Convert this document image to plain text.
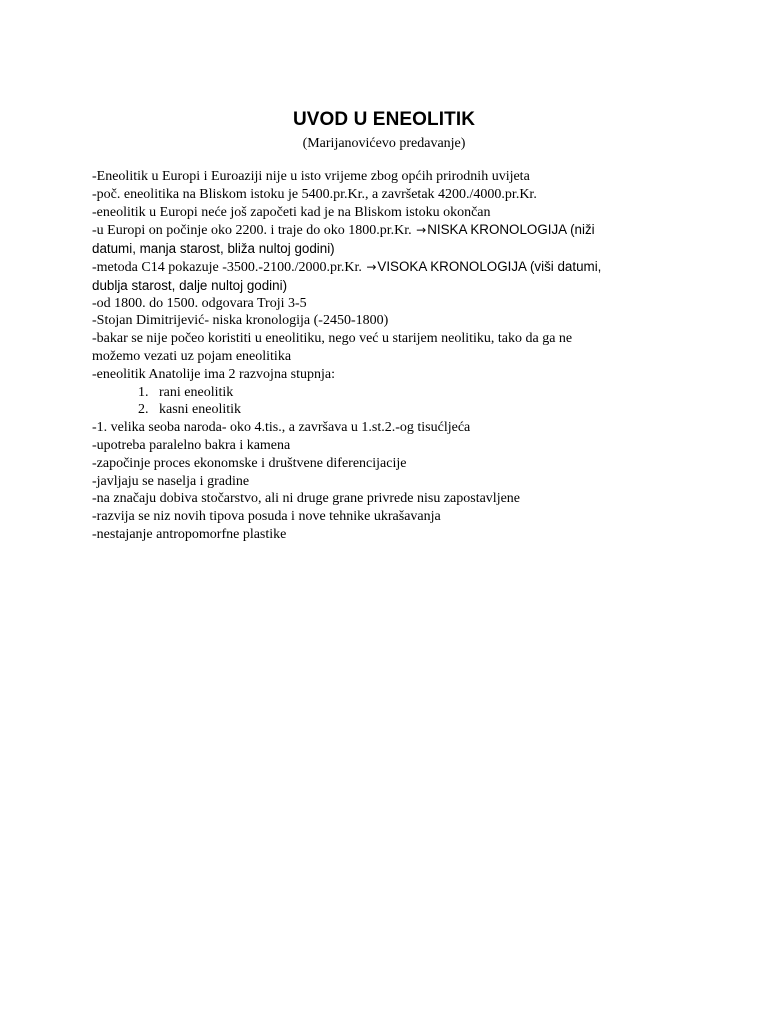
UVOD U ENEOLITIK
(Marijanovićevo predavanje)
-Eneolitik u Europi i Euroaziji nije u isto vrijeme zbog općih prirodnih uvijeta
-poč. eneolitika na Bliskom istoku je 5400.pr.Kr., a završetak 4200./4000.pr.Kr.
-eneolitik u Europi neće još započeti kad je na Bliskom istoku okončan
-u Europi on počinje oko 2200. i traje do oko 1800.pr.Kr. →NISKA KRONOLOGIJA (niži
datumi, manja starost, bliža nultoj godini)
-metoda C14 pokazuje -3500.-2100./2000.pr.Kr. →VISOKA KRONOLOGIJA (viši datumi,
dublja starost, dalje nultoj godini)
-od 1800. do 1500. odgovara Troji 3-5
-Stojan Dimitrijević- niska kronologija (-2450-1800)
-bakar se nije počeo koristiti u eneolitiku, nego već u starijem neolitiku, tako da ga ne
možemo vezati uz pojam eneolitika
-eneolitik Anatolije ima 2 razvojna stupnja:
1. rani eneolitik
2. kasni eneolitik
-1. velika seoba naroda- oko 4.tis., a završava u 1.st.2.-og tisućljeća
-upotreba paralelno bakra i kamena
-započinje proces ekonomske i društvene diferencijacije
-javljaju se naselja i gradine
-na značaju dobiva stočarstvo, ali ni druge grane privrede nisu zapostavljene
-razvija se niz novih tipova posuda i nove tehnike ukrašavanja
-nestajanje antropomorfne plastike
